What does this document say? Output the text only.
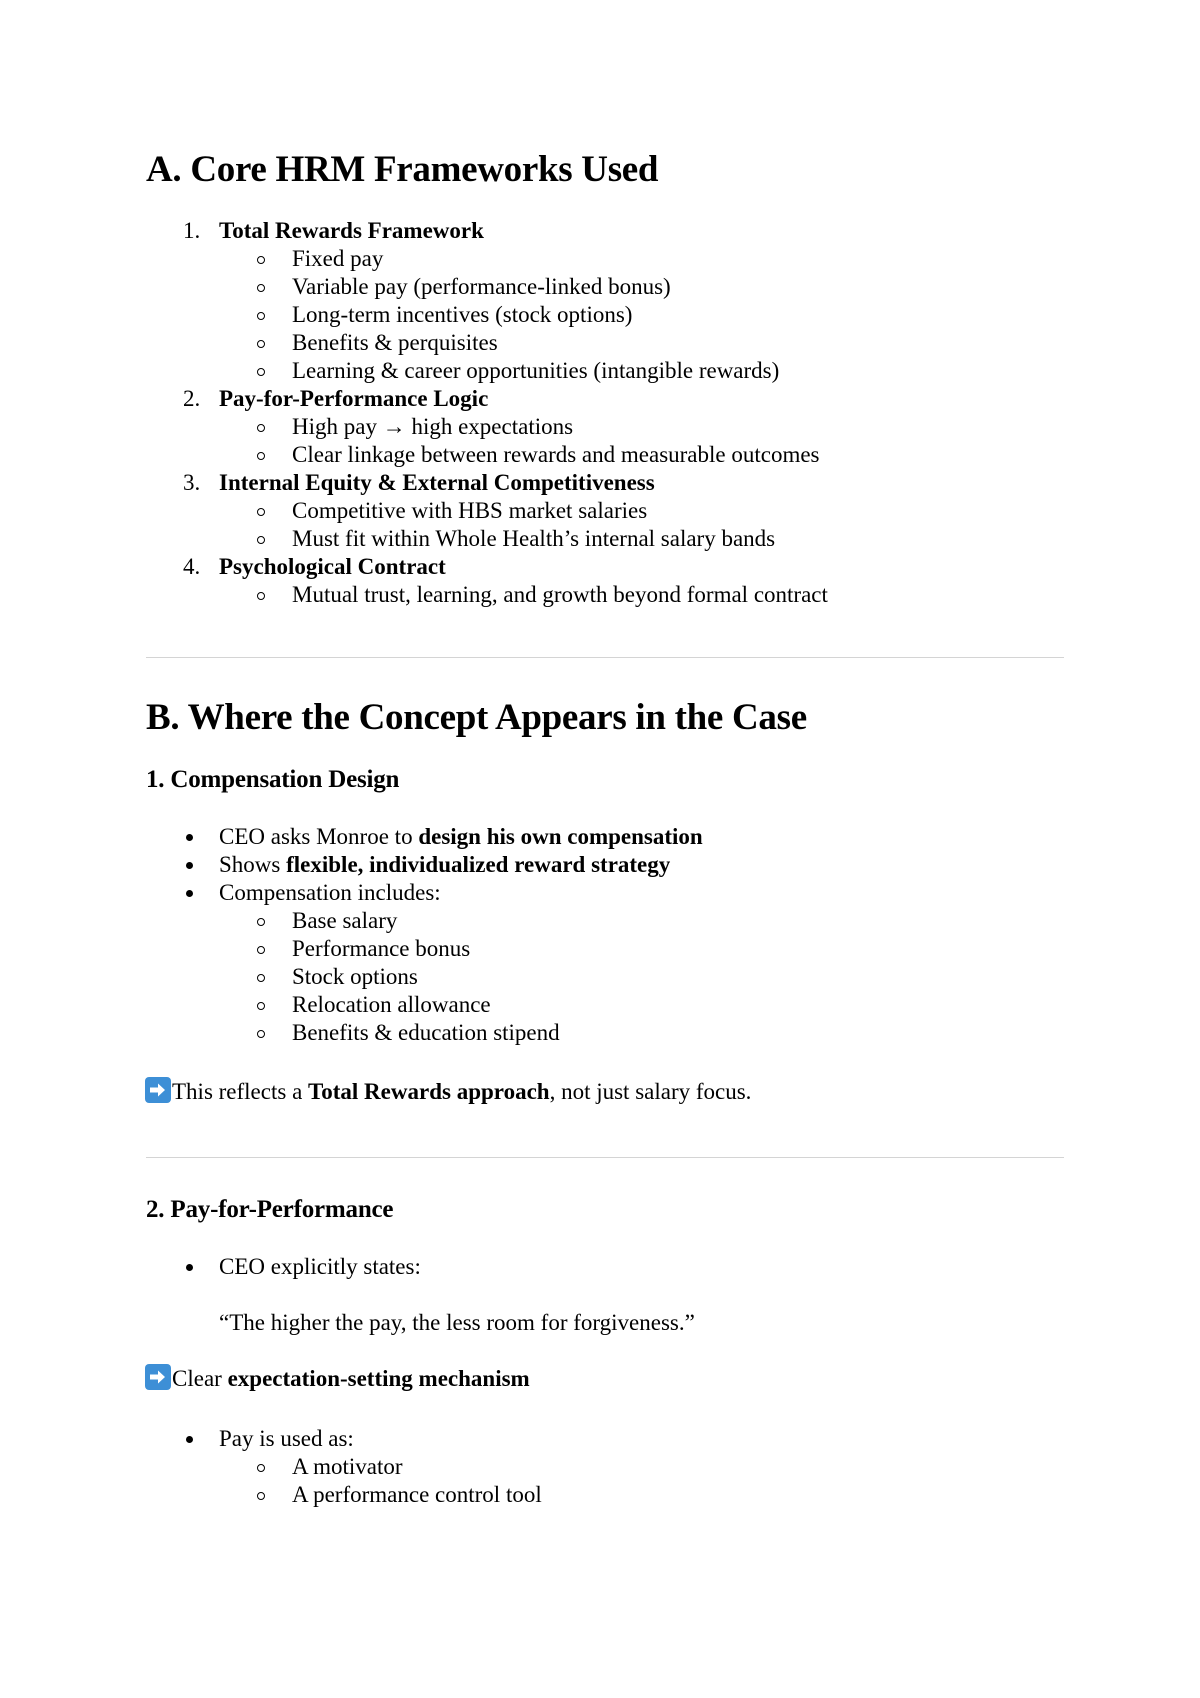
A. Core HRM Frameworks Used
1. Total Rewards Framework
Fixed pay
Variable pay (performance-linked bonus)
Long-term incentives (stock options)
Benefits & perquisites
Learning & career opportunities (intangible rewards)
2. Pay-for-Performance Logic
High pay → high expectations
Clear linkage between rewards and measurable outcomes
3. Internal Equity & External Competitiveness
Competitive with HBS market salaries
Must fit within Whole Health’s internal salary bands
4. Psychological Contract
Mutual trust, learning, and growth beyond formal contract
B. Where the Concept Appears in the Case
1. Compensation Design
CEO asks Monroe to design his own compensation
Shows flexible, individualized reward strategy
Compensation includes:
Base salary
Performance bonus
Stock options
Relocation allowance
Benefits & education stipend
This reflects a Total Rewards approach, not just salary focus.
2. Pay-for-Performance
CEO explicitly states:
“The higher the pay, the less room for forgiveness.”
Clear expectation-setting mechanism
Pay is used as:
A motivator
A performance control tool
